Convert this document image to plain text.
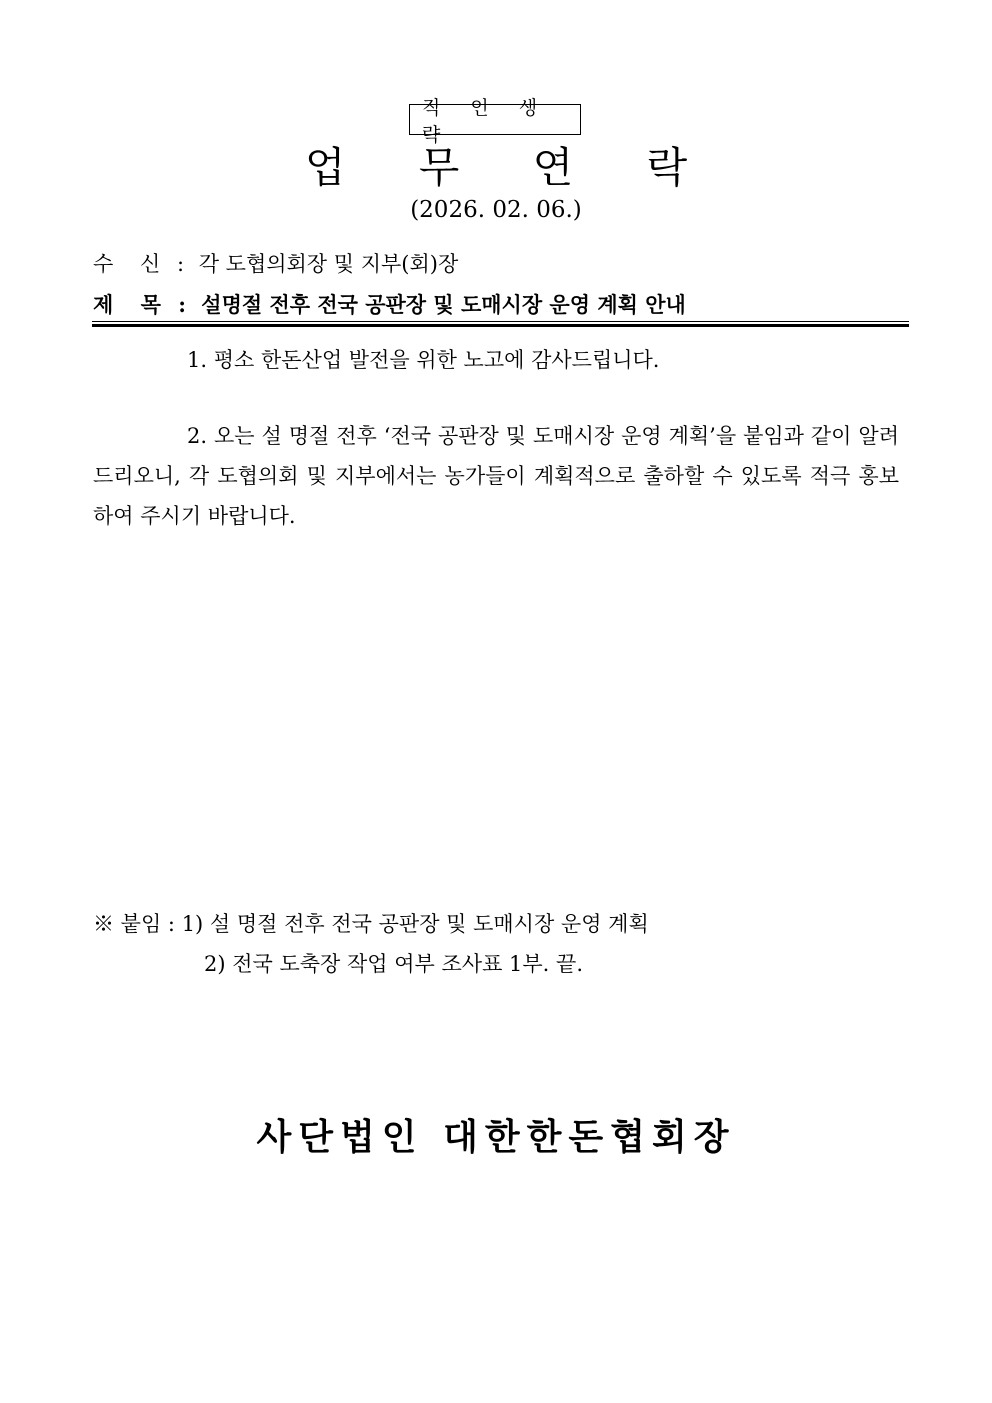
직 인 생 략
업 무 연 락
(2026. 02. 06.)
수 신 : 각 도협의회장 및 지부(회)장
제 목 : 설명절 전후 전국 공판장 및 도매시장 운영 계획 안내
1. 평소 한돈산업 발전을 위한 노고에 감사드립니다.
2. 오는 설 명절 전후 ‘전국 공판장 및 도매시장 운영 계획’을 붙임과 같이 알려드리오니, 각 도협의회 및 지부에서는 농가들이 계획적으로 출하할 수 있도록 적극 홍보하여 주시기 바랍니다.
※ 붙임 : 1) 설 명절 전후 전국 공판장 및 도매시장 운영 계획
2) 전국 도축장 작업 여부 조사표 1부. 끝.
사단법인 대한한돈협회장
